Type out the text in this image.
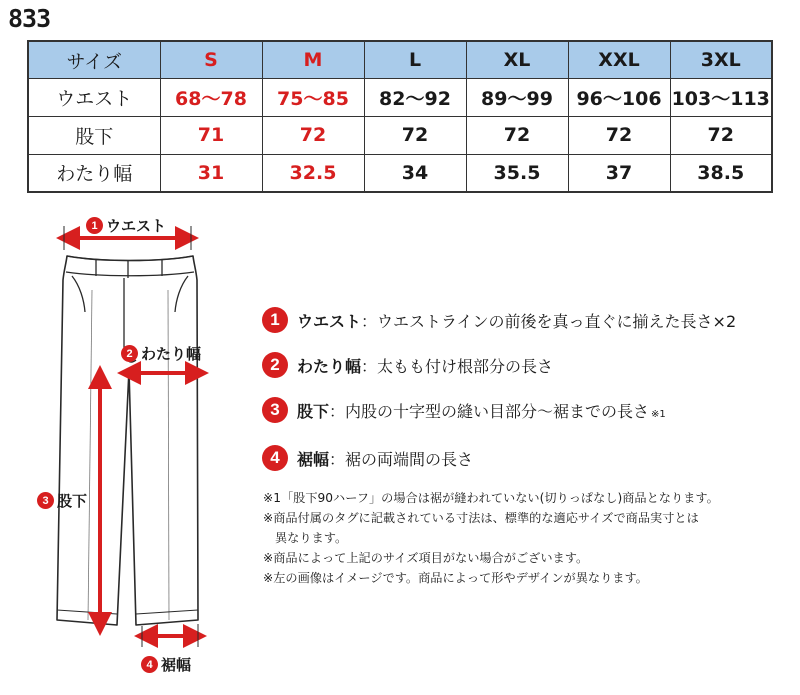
833
サイズ	S	M	L	XL	XXL	3XL
ウエスト	68〜78	75〜85	82〜92	89〜99	96〜106	103〜113
股下	71	72	72	72	72	72
わたり幅	31	32.5	34	35.5	37	38.5
1 ウエスト
2 わたり幅
3 股下
4 裾幅
1	ウエスト：ウエストラインの前後を真っ直ぐに揃えた長さ×2
2	わたり幅：太もも付け根部分の長さ
3	股下：内股の十字型の縫い目部分〜裾までの長さ ※1
4	裾幅：裾の両端間の長さ

※1「股下90ハーフ」の場合は裾が縫われていない(切りっぱなし)商品となります。

※商品付属のタグに記載されている寸法は、標準的な適応サイズで商品実寸とは

異なります。

※商品によって上記のサイズ項目がない場合がございます。

※左の画像はイメージです。商品によって形やデザインが異なります。
